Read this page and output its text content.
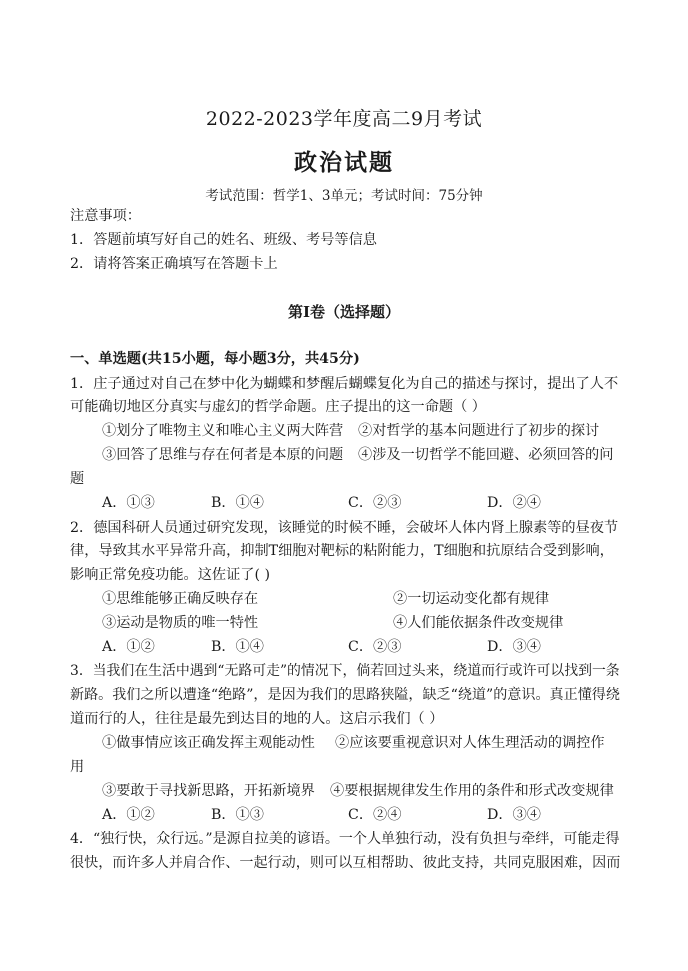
2022-2023学年度高二9月考试
政治试题
考试范围：哲学1、3单元；考试时间：75分钟
注意事项：
1．答题前填写好自己的姓名、班级、考号等信息
2．请将答案正确填写在答题卡上
第I卷（选择题）
一、单选题(共15小题，每小题3分，共45分)
1．庄子通过对自己在梦中化为蝴蝶和梦醒后蝴蝶复化为自己的描述与探讨，提出了人不
可能确切地区分真实与虚幻的哲学命题。庄子提出的这一命题（ ）
①划分了唯物主义和唯心主义两大阵营 ②对哲学的基本问题进行了初步的探讨
③回答了思维与存在何者是本原的问题 ④涉及一切哲学不能回避、必须回答的问
题
A．①③	B．①④	C．②③	D．②④
2．德国科研人员通过研究发现，该睡觉的时候不睡，会破坏人体内肾上腺素等的昼夜节
律，导致其水平异常升高，抑制T细胞对靶标的粘附能力，T细胞和抗原结合受到影响，
影响正常免疫功能。这佐证了( )
①思维能够正确反映存在	②一切运动变化都有规律
③运动是物质的唯一特性	④人们能依据条件改变规律
A．①②	B．①④	C．②③	D．③④
3．当我们在生活中遇到“无路可走”的情况下，倘若回过头来，绕道而行或许可以找到一条
新路。我们之所以遭逢“绝路”，是因为我们的思路狭隘，缺乏“绕道”的意识。真正懂得绕
道而行的人，往往是最先到达目的地的人。这启示我们（ ）
①做事情应该正确发挥主观能动性 ②应该要重视意识对人体生理活动的调控作
用
③要敢于寻找新思路，开拓新境界 ④要根据规律发生作用的条件和形式改变规律
A．①②	B．①③	C．②④	D．③④
4．“独行快，众行远。”是源自拉美的谚语。一个人单独行动，没有负担与牵绊，可能走得
很快，而许多人并肩合作、一起行动，则可以互相帮助、彼此支持，共同克服困难，因而
